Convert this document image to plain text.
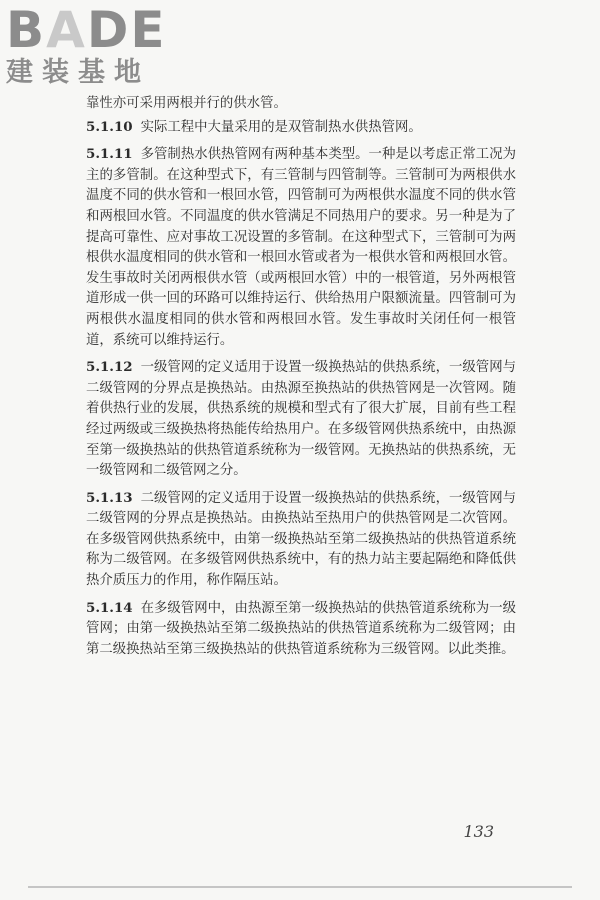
BADE
建装基地

靠性亦可采用两根并行的供水管。

5.1.10 实际工程中大量采用的是双管制热水供热管网。

5.1.11 多管制热水供热管网有两种基本类型。一种是以考虑正常工况为主的多管制。在这种型式下，有三管制与四管制等。三管制可为两根供水温度不同的供水管和一根回水管，四管制可为两根供水温度不同的供水管和两根回水管。不同温度的供水管满足不同热用户的要求。另一种是为了提高可靠性、应对事故工况设置的多管制。在这种型式下，三管制可为两根供水温度相同的供水管和一根回水管或者为一根供水管和两根回水管。发生事故时关闭两根供水管（或两根回水管）中的一根管道，另外两根管道形成一供一回的环路可以维持运行、供给热用户限额流量。四管制可为两根供水温度相同的供水管和两根回水管。发生事故时关闭任何一根管道，系统可以维持运行。

5.1.12 一级管网的定义适用于设置一级换热站的供热系统，一级管网与二级管网的分界点是换热站。由热源至换热站的供热管网是一次管网。随着供热行业的发展，供热系统的规模和型式有了很大扩展，目前有些工程经过两级或三级换热将热能传给热用户。在多级管网供热系统中，由热源至第一级换热站的供热管道系统称为一级管网。无换热站的供热系统，无一级管网和二级管网之分。

5.1.13 二级管网的定义适用于设置一级换热站的供热系统，一级管网与二级管网的分界点是换热站。由换热站至热用户的供热管网是二次管网。在多级管网供热系统中，由第一级换热站至第二级换热站的供热管道系统称为二级管网。在多级管网供热系统中，有的热力站主要起隔绝和降低供热介质压力的作用，称作隔压站。

5.1.14 在多级管网中，由热源至第一级换热站的供热管道系统称为一级管网；由第一级换热站至第二级换热站的供热管道系统称为二级管网；由第二级换热站至第三级换热站的供热管道系统称为三级管网。以此类推。

133
